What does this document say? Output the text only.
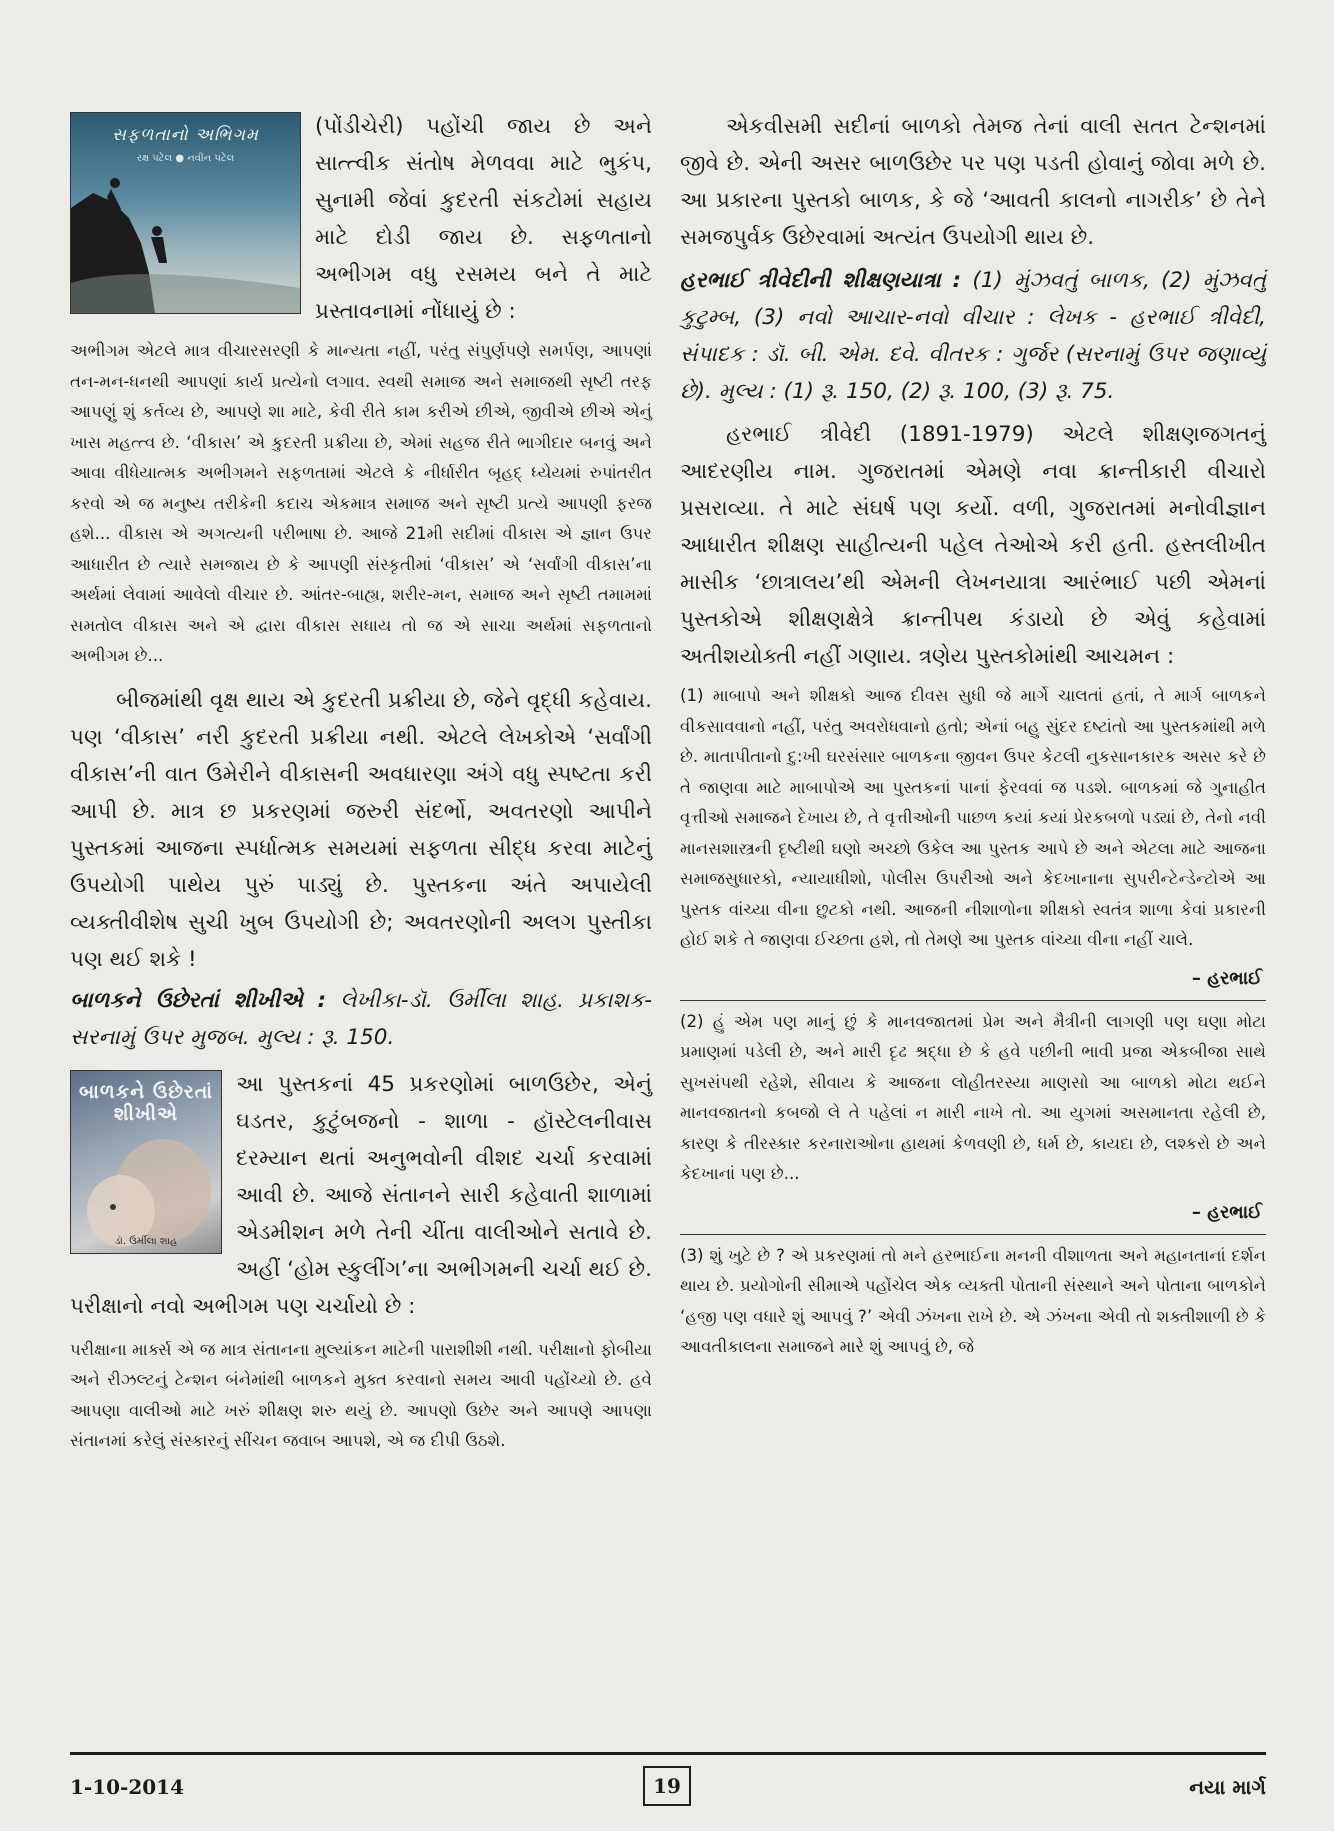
સફળતાનો અભિગમ
રક્ષ પટેલ ● નવીન પટેલ

(પોંડીચેરી) પહોંચી જાય છે અને સાત્ત્વીક સંતોષ મેળવવા માટે ભુકંપ, સુનામી જેવાં કુદરતી સંકટોમાં સહાય માટે દોડી જાય છે. સફળતાનો અભીગમ વધુ રસમય બને તે માટે પ્રસ્તાવનામાં નોંધાયું છે :

અભીગમ એટલે માત્ર વીચારસરણી કે માન્યતા નહીં, પરંતુ સંપુર્ણપણે સમર્પણ, આપણાં તન-મન-ધનથી આપણાં કાર્ય પ્રત્યેનો લગાવ. સ્વથી સમાજ અને સમાજથી સૃષ્ટી તરફ આપણું શું કર્તવ્ય છે, આપણે શા માટે, કેવી રીતે કામ કરીએ છીએ, જીવીએ છીએ એનું ખાસ મહત્ત્વ છે. ‘વીકાસ’ એ કુદરતી પ્રક્રીયા છે, એમાં સહજ રીતે ભાગીદાર બનવું અને આવા વીધેયાત્મક અભીગમને સફળતામાં એટલે કે નીર્ધારીત બૃહદ્ ધ્યેયમાં રુપાંતરીત કરવો એ જ મનુષ્ય તરીકેની કદાચ એકમાત્ર સમાજ અને સૃષ્ટી પ્રત્યે આપણી ફરજ હશે... વીકાસ એ અગત્યની પરીભાષા છે. આજે 21મી સદીમાં વીકાસ એ જ્ઞાન ઉપર આધારીત છે ત્યારે સમજાય છે કે આપણી સંસ્કૃતીમાં ‘વીકાસ’ એ ‘સર્વાંગી વીકાસ’ના અર્થમાં લેવામાં આવેલો વીચાર છે. આંતર-બાહ્ય, શરીર-મન, સમાજ અને સૃષ્ટી તમામમાં સમતોલ વીકાસ અને એ દ્વારા વીકાસ સધાય તો જ એ સાચા અર્થમાં સફળતાનો અભીગમ છે...

બીજમાંથી વૃક્ષ થાય એ કુદરતી પ્રક્રીયા છે, જેને વૃદ્ધી કહેવાય. પણ ‘વીકાસ’ નરી કુદરતી પ્રક્રીયા નથી. એટલે લેખકોએ ‘સર્વાંગી વીકાસ’ની વાત ઉમેરીને વીકાસની અવધારણા અંગે વધુ સ્પષ્ટતા કરી આપી છે. માત્ર છ પ્રકરણમાં જરુરી સંદર્ભો, અવતરણો આપીને પુસ્તકમાં આજના સ્પર્ધાત્મક સમયમાં સફળતા સીદ્ધ કરવા માટેનું ઉપયોગી પાથેય પુરું પાડ્યું છે. પુસ્તકના અંતે અપાયેલી વ્યક્તીવીશેષ સુચી ખુબ ઉપયોગી છે; અવતરણોની અલગ પુસ્તીકા પણ થઈ શકે !

બાળકને ઉછેરતાં શીખીએ : લેખીકા-ડૉ. ઉર્મીલા શાહ. પ્રકાશક-સરનામું ઉપર મુજબ. મુલ્ય : રૂ. 150.

બાળકને ઉછેરતાં શીખીએ
ડૉ. ઉર્મીલા શાહ

આ પુસ્તકનાં 45 પ્રકરણોમાં બાળઉછેર, એનું ઘડતર, કુટુંબજનો - શાળા - હૉસ્ટેલનીવાસ દરમ્યાન થતાં અનુભવોની વીશદ ચર્ચા કરવામાં આવી છે. આજે સંતાનને સારી કહેવાતી શાળામાં એડમીશન મળે તેની ચીંતા વાલીઓને સતાવે છે. અહીં ‘હોમ સ્કુલીંગ’ના અભીગમની ચર્ચા થઈ છે. પરીક્ષાનો નવો અભીગમ પણ ચર્ચાયો છે :

પરીક્ષાના માર્ક્સ એ જ માત્ર સંતાનના મુલ્યાંકન માટેની પારાશીશી નથી. પરીક્ષાનો ફોબીયા અને રીઝલ્ટનું ટેન્શન બંનેમાંથી બાળકને મુક્ત કરવાનો સમય આવી પહોંચ્યો છે. હવે આપણા વાલીઓ માટે ખરું શીક્ષણ શરુ થયું છે. આપણો ઉછેર અને આપણે આપણા સંતાનમાં કરેલું સંસ્કારનું સીંચન જવાબ આપશે, એ જ દીપી ઉઠશે.

એકવીસમી સદીનાં બાળકો તેમજ તેનાં વાલી સતત ટેન્શનમાં જીવે છે. એની અસર બાળઉછેર પર પણ પડતી હોવાનું જોવા મળે છે. આ પ્રકારના પુસ્તકો બાળક, કે જે ‘આવતી કાલનો નાગરીક’ છે તેને સમજપુર્વક ઉછેરવામાં અત્યંત ઉપયોગી થાય છે.

હરભાઈ ત્રીવેદીની શીક્ષણયાત્રા : (1) મુંઝવતું બાળક, (2) મુંઝવતું કુટુમ્બ, (3) નવો આચાર-નવો વીચાર : લેખક - હરભાઈ ત્રીવેદી, સંપાદક : ડૉ. બી. એમ. દવે. વીતરક : ગુર્જર (સરનામું ઉપર જણાવ્યું છે). મુલ્ય : (1) રૂ. 150, (2) રૂ. 100, (3) રૂ. 75.

હરભાઈ ત્રીવેદી (1891-1979) એટલે શીક્ષણજગતનું આદરણીય નામ. ગુજરાતમાં એમણે નવા ક્રાન્તીકારી વીચારો પ્રસરાવ્યા. તે માટે સંઘર્ષ પણ કર્યો. વળી, ગુજરાતમાં મનોવીજ્ઞાન આધારીત શીક્ષણ સાહીત્યની પહેલ તેઓએ કરી હતી. હસ્તલીખીત માસીક ‘છાત્રાલય’થી એમની લેખનયાત્રા આરંભાઈ પછી એમનાં પુસ્તકોએ શીક્ષણક્ષેત્રે ક્રાન્તીપથ કંડાયો છે એવું કહેવામાં અતીશયોક્તી નહીં ગણાય. ત્રણેય પુસ્તકોમાંથી આચમન :

(1) માબાપો અને શીક્ષકો આજ દીવસ સુધી જે માર્ગે ચાલતાં હતાં, તે માર્ગ બાળકને વીકસાવવાનો નહીં, પરંતુ અવરોધવાનો હતો; એનાં બહુ સુંદર દષ્ટાંતો આ પુસ્તકમાંથી મળે છે. માતાપીતાનો દુ:ખી ઘરસંસાર બાળકના જીવન ઉપર કેટલી નુકસાનકારક અસર કરે છે તે જાણવા માટે માબાપોએ આ પુસ્તકનાં પાનાં ફેરવવાં જ પડશે. બાળકમાં જે ગુનાહીત વૃત્તીઓ સમાજને દેખાય છે, તે વૃત્તીઓની પાછળ કયાં કયાં પ્રેરકબળો પડ્યાં છે, તેનો નવી માનસશાસ્ત્રની દૃષ્ટીથી ઘણો અચ્છો ઉકેલ આ પુસ્તક આપે છે અને એટલા માટે આજના સમાજસુધારકો, ન્યાયાધીશો, પોલીસ ઉપરીઓ અને કેદખાનાના સુપરીન્ટેન્ડેન્ટોએ આ પુસ્તક વાંચ્યા વીના છુટકો નથી. આજની નીશાળોના શીક્ષકો સ્વતંત્ર શાળા કેવાં પ્રકારની હોઈ શકે તે જાણવા ઈચ્છતા હશે, તો તેમણે આ પુસ્તક વાંચ્યા વીના નહીં ચાલે.

– હરભાઈ

(2) હું એમ પણ માનું છું કે માનવજાતમાં પ્રેમ અને મૈત્રીની લાગણી પણ ઘણા મોટા પ્રમાણમાં પડેલી છે, અને મારી દૃઢ શ્રદ્ધા છે કે હવે પછીની ભાવી પ્રજા એકબીજા સાથે સુખસંપથી રહેશે, સીવાય કે આજના લોહીતરસ્યા માણસો આ બાળકો મોટા થઈને માનવજાતનો કબજો લે તે પહેલાં ન મારી નાખે તો. આ યુગમાં અસમાનતા રહેલી છે, કારણ કે તીરસ્કાર કરનારાઓના હાથમાં કેળવણી છે, ધર્મ છે, કાયદા છે, લશ્કરો છે અને કેદખાનાં પણ છે...

– હરભાઈ

(3) શું ખુટે છે ? એ પ્રકરણમાં તો મને હરભાઈના મનની વીશાળતા અને મહાનતાનાં દર્શન થાય છે. પ્રયોગોની સીમાએ પહોંચેલ એક વ્યક્તી પોતાની સંસ્થાને અને પોતાના બાળકોને ‘હજી પણ વધારે શું આપવું ?’ એવી ઝંખના રાખે છે. એ ઝંખના એવી તો શક્તીશાળી છે કે આવતીકાલના સમાજને મારે શું આપવું છે, જે

1-10-2014	19	નયા માર્ગ
